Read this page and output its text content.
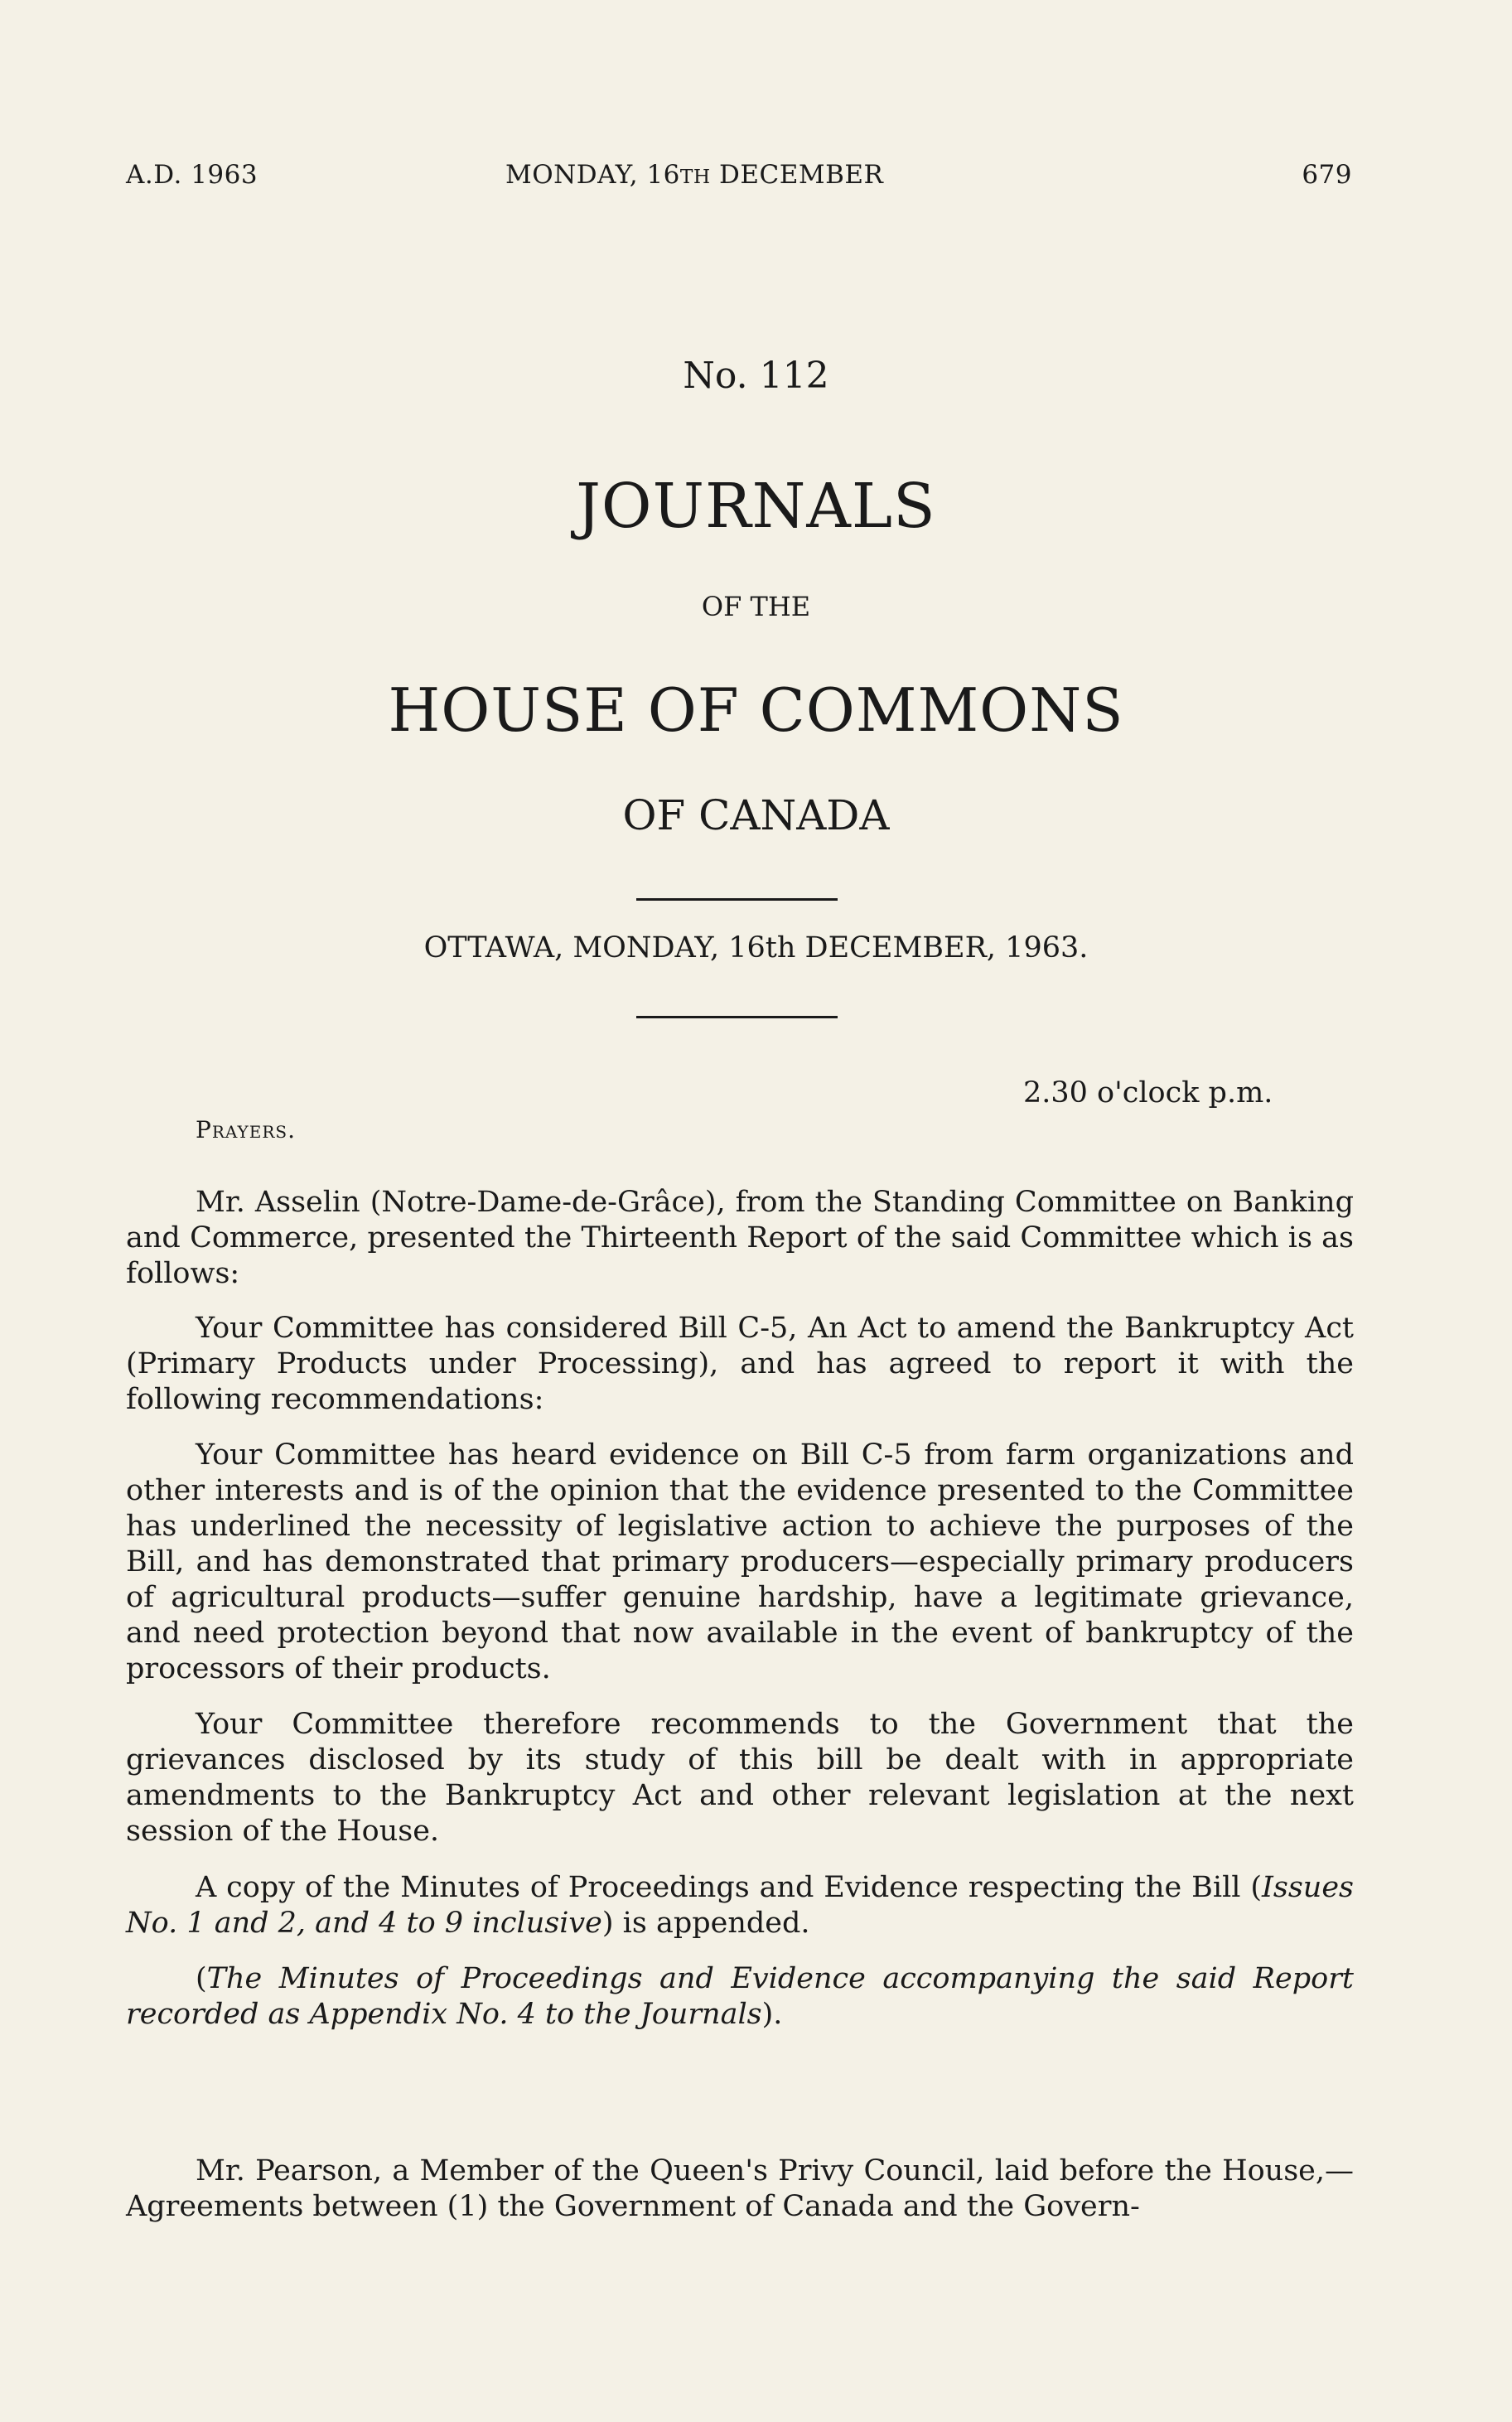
A.D. 1963	MONDAY, 16TH DECEMBER	679
No. 112
JOURNALS
OF THE
HOUSE OF COMMONS
OF CANADA
OTTAWA, MONDAY, 16th DECEMBER, 1963.
2.30 o'clock p.m.
Prayers.

Mr. Asselin (Notre-Dame-de-Grâce), from the Standing Committee on Banking and Commerce, presented the Thirteenth Report of the said Committee which is as follows:

Your Committee has considered Bill C-5, An Act to amend the Bankruptcy Act (Primary Products under Processing), and has agreed to report it with the following recommendations:

Your Committee has heard evidence on Bill C-5 from farm organizations and other interests and is of the opinion that the evidence presented to the Committee has underlined the necessity of legislative action to achieve the purposes of the Bill, and has demonstrated that primary producers—especially primary producers of agricultural products—suffer genuine hardship, have a legitimate grievance, and need protection beyond that now available in the event of bankruptcy of the processors of their products.

Your Committee therefore recommends to the Government that the grievances disclosed by its study of this bill be dealt with in appropriate amendments to the Bankruptcy Act and other relevant legislation at the next session of the House.

A copy of the Minutes of Proceedings and Evidence respecting the Bill (Issues No. 1 and 2, and 4 to 9 inclusive) is appended.

(The Minutes of Proceedings and Evidence accompanying the said Report recorded as Appendix No. 4 to the Journals).

Mr. Pearson, a Member of the Queen's Privy Council, laid before the House,—Agreements between (1) the Government of Canada and the Govern-
